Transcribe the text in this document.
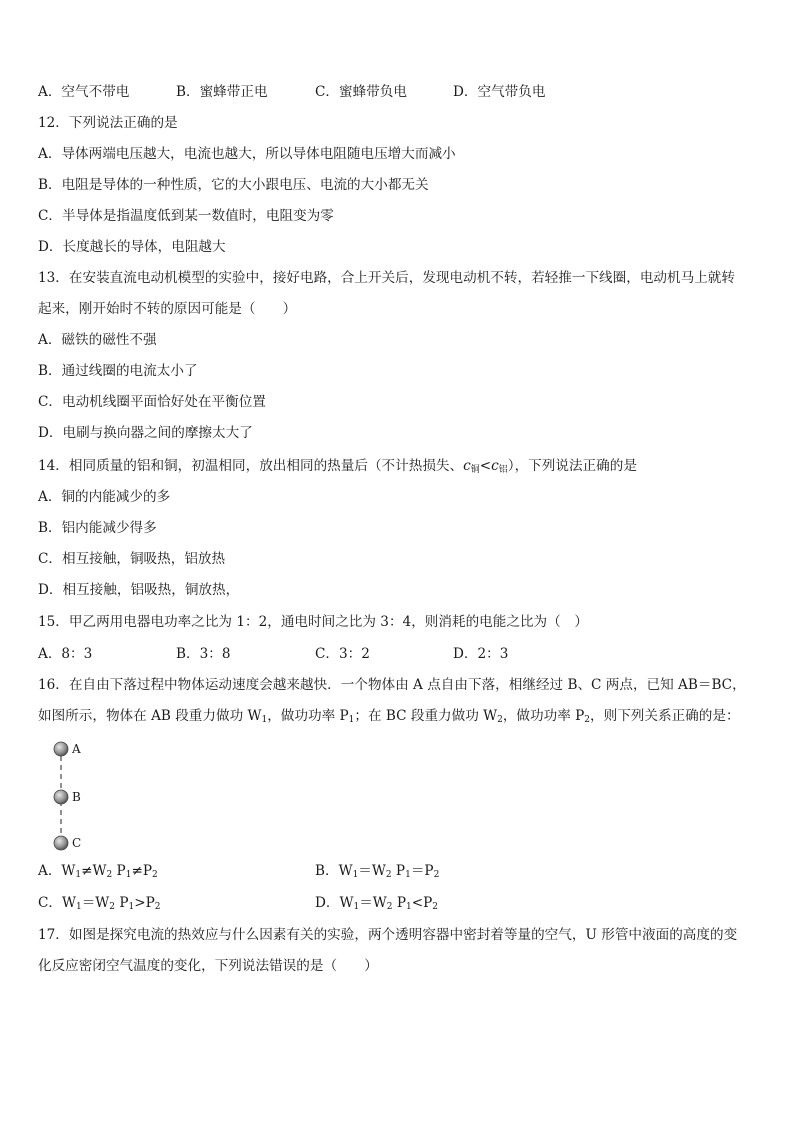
A．空气不带电	B．蜜蜂带正电	C．蜜蜂带负电	D．空气带负电
12．下列说法正确的是
A．导体两端电压越大，电流也越大，所以导体电阻随电压增大而减小
B．电阻是导体的一种性质，它的大小跟电压、电流的大小都无关
C．半导体是指温度低到某一数值时，电阻变为零
D．长度越长的导体，电阻越大
13．在安装直流电动机模型的实验中，接好电路，合上开关后，发现电动机不转，若轻推一下线圈，电动机马上就转
起来，刚开始时不转的原因可能是（　　）
A．磁铁的磁性不强
B．通过线圈的电流太小了
C．电动机线圈平面恰好处在平衡位置
D．电刷与换向器之间的摩擦太大了
14．相同质量的铝和铜，初温相同，放出相同的热量后（不计热损失、$c_铜<c_铝$），下列说法正确的是
A．铜的内能减少的多
B．铝内能减少得多
C．相互接触，铜吸热，铝放热
D．相互接触，铝吸热，铜放热，
15．甲乙两用电器电功率之比为 1：2，通电时间之比为 3：4，则消耗的电能之比为（　）
A．8：3	B．3：8	C．3：2	D．2：3
16．在自由下落过程中物体运动速度会越来越快．一个物体由 A 点自由下落，相继经过 B、C 两点，已知 AB＝BC，
如图所示，物体在 AB 段重力做功 $W_1$，做功功率 $P_1$；在 BC 段重力做功 $W_2$，做功功率 $P_2$，则下列关系正确的是：
A
B
C
A．$W_1\ne W_2$ $P_1\ne P_2$	B．$W_1=W_2$ $P_1=P_2$
C．$W_1=W_2$ $P_1>P_2$	D．$W_1=W_2$ $P_1<P_2$
17．如图是探究电流的热效应与什么因素有关的实验，两个透明容器中密封着等量的空气，U 形管中液面的高度的变
化反应密闭空气温度的变化，下列说法错误的是（　　）
